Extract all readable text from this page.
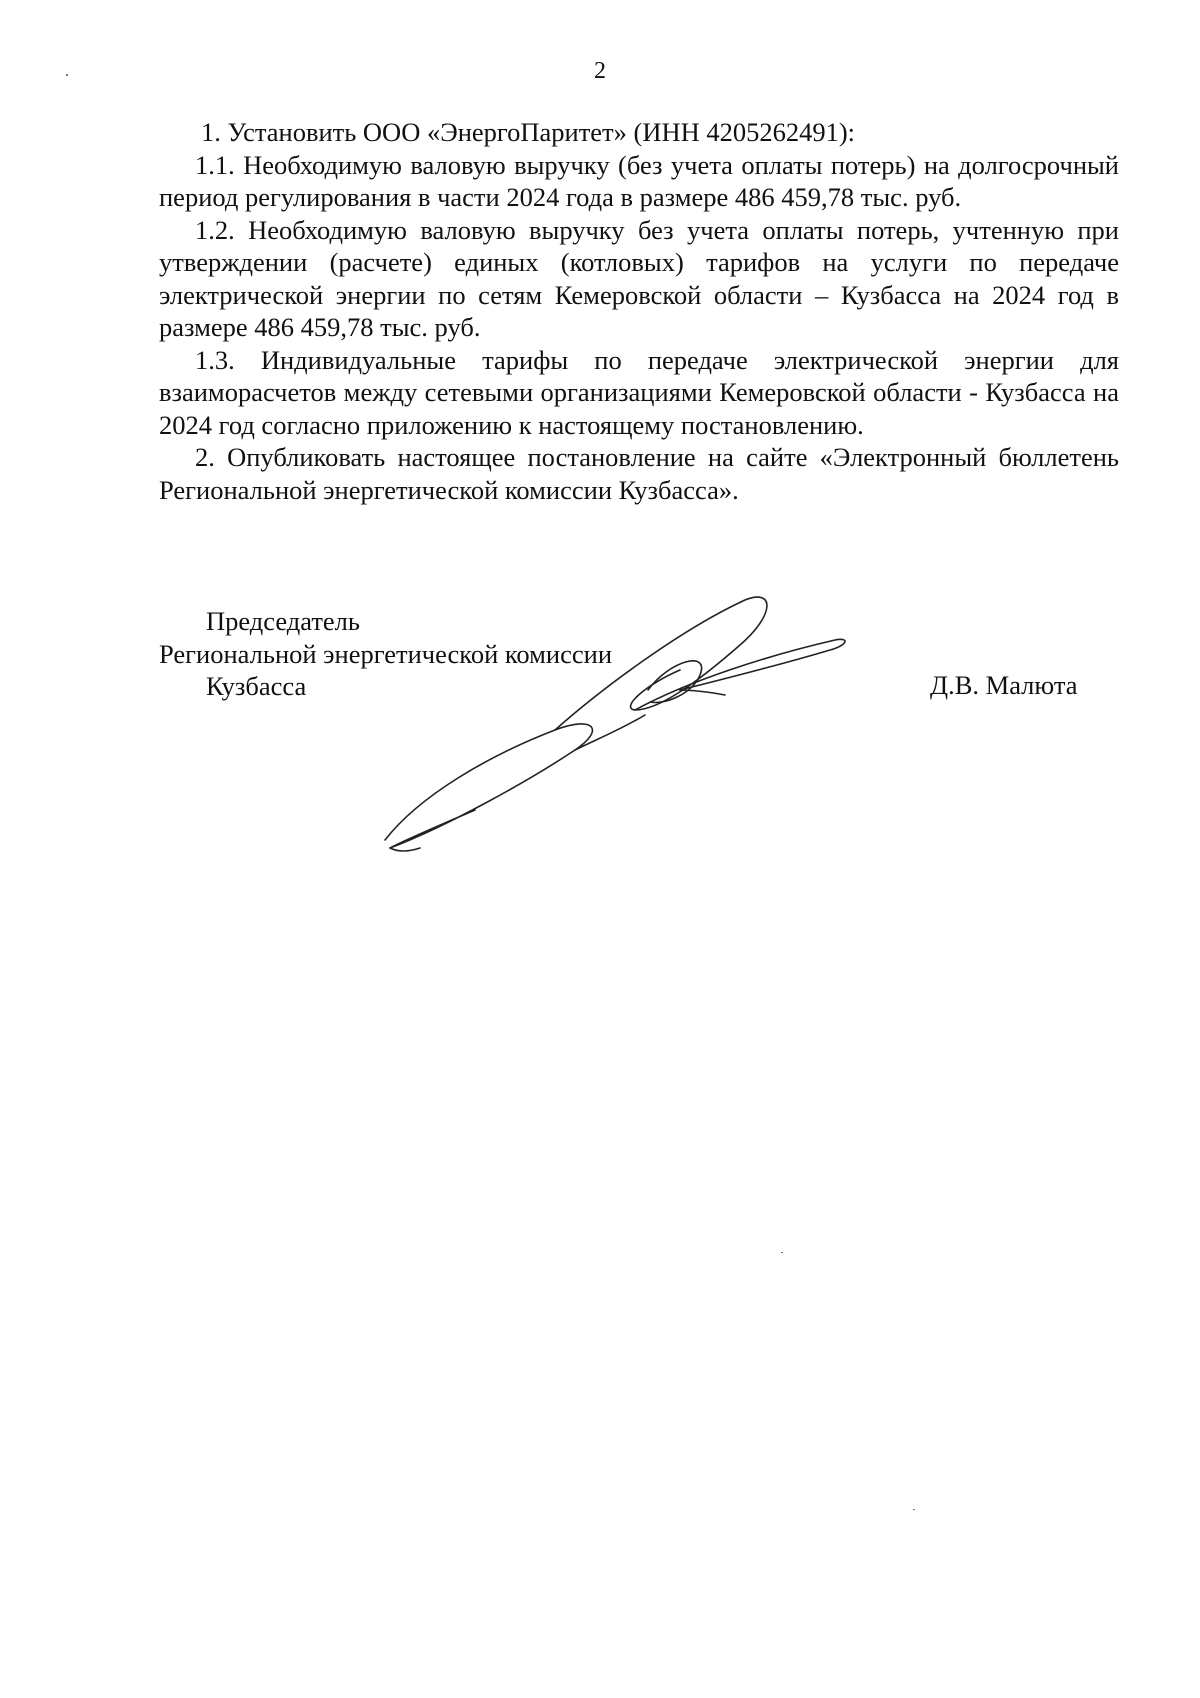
2

1. Установить ООО «ЭнергоПаритет» (ИНН 4205262491):

1.1. Необходимую валовую выручку (без учета оплаты потерь) на долгосрочный период регулирования в части 2024 года в размере 486 459,78 тыс. руб.

1.2. Необходимую валовую выручку без учета оплаты потерь, учтенную при утверждении (расчете) единых (котловых) тарифов на услуги по передаче электрической энергии по сетям Кемеровской области – Кузбасса на 2024 год в размере 486 459,78 тыс. руб.

1.3. Индивидуальные тарифы по передаче электрической энергии для взаиморасчетов между сетевыми организациями Кемеровской области - Кузбасса на 2024 год согласно приложению к настоящему постановлению.

2. Опубликовать настоящее постановление на сайте «Электронный бюллетень Региональной энергетической комиссии Кузбасса».

Председатель
Региональной энергетической комиссии
Кузбасса	Д.В. Малюта
